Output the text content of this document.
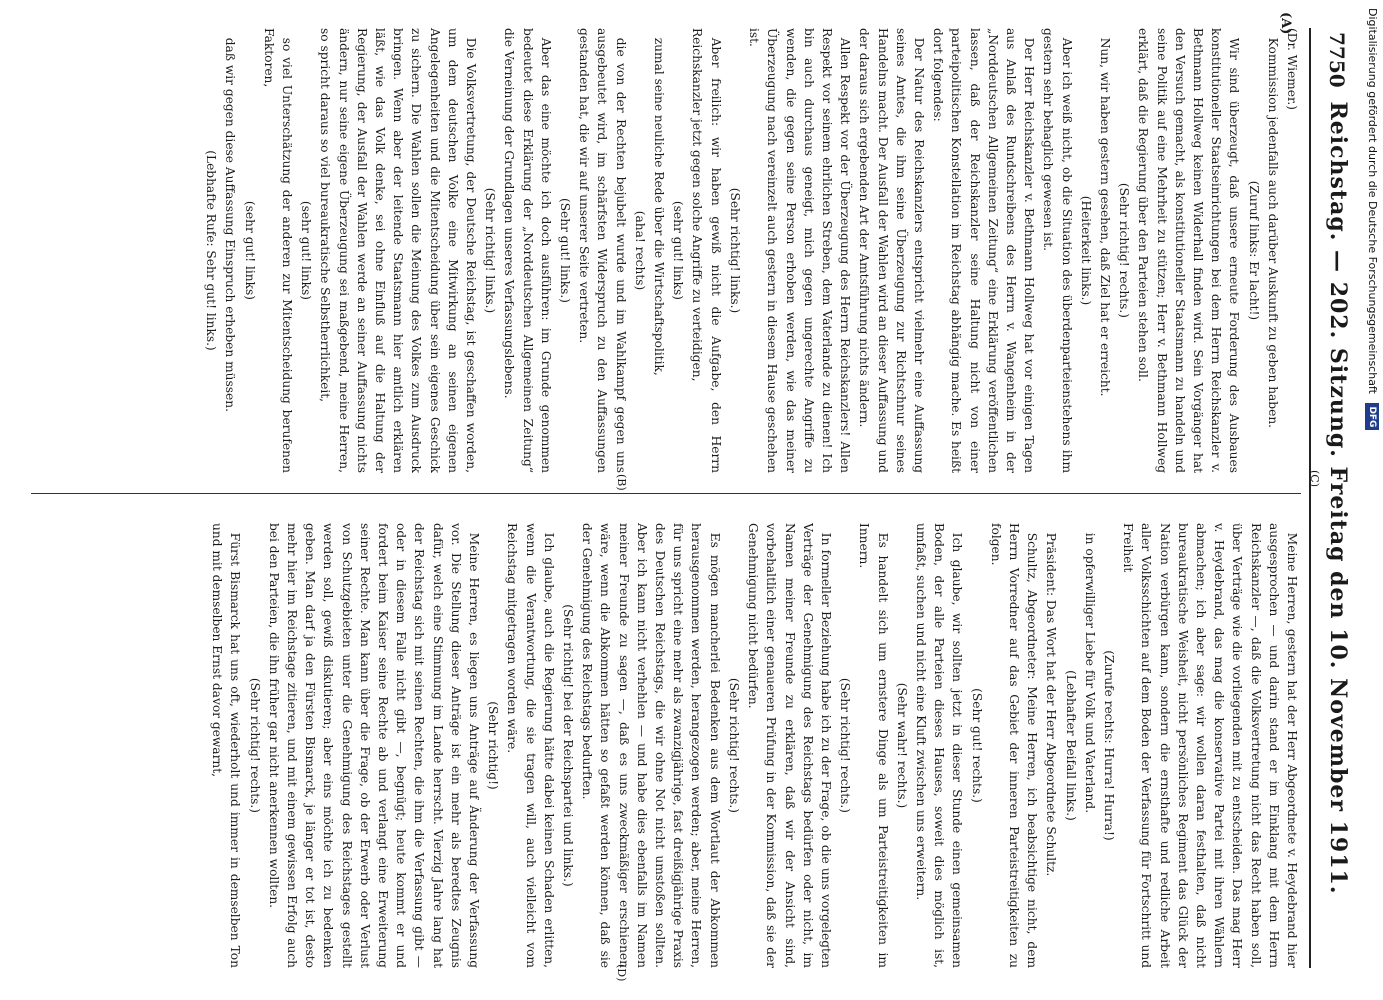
7750
Reichstag. — 202. Sitzung. Freitag den 10. November 1911.
(A)
(B)	(C)
(D)

(Dr. Wiemer.)

Kommission jedenfalls auch darüber Auskunft zu geben haben.

(Zuruf links: Er lacht!)

Wir sind überzeugt, daß unsere erneute Forderung des Ausbaues konstitutioneller Staatseinrichtungen bei dem Herrn Reichskanzler v. Bethmann Hollweg keinen Widerhall finden wird. Sein Vorgänger hat den Versuch gemacht, als konstitutioneller Staatsmann zu handeln und seine Politik auf eine Mehrheit zu stützen; Herr v. Bethmann Hollweg erklärt, daß die Regierung über den Parteien stehen soll.

(Sehr richtig! rechts.)

Nun, wir haben gestern gesehen, daß Ziel hat er erreicht.

(Heiterkeit links.)

Aber ich weiß nicht, ob die Situation des überdenparteienstehens ihm gestern sehr behaglich gewesen ist.

Der Herr Reichskanzler v. Bethmann Hollweg hat vor einigen Tagen aus Anlaß des Rundschreibens des Herrn v. Wangenheim in der „Norddeutschen Allgemeinen Zeitung“ eine Erklärung veröffentlichen lassen, daß der Reichskanzler seine Haltung nicht von einer parteipolitischen Konstellation im Reichstag abhängig mache. Es heißt dort folgendes:

Der Natur des Reichskanzlers entspricht vielmehr eine Auffassung seines Amtes, die ihm seine Überzeugung zur Richtschnur seines Handelns macht. Der Ausfall der Wahlen wird an dieser Auffassung und der daraus sich ergebenden Art der Amtsführung nichts ändern.

Allen Respekt vor der Überzeugung des Herrn Reichskanzlers! Allen Respekt vor seinem ehrlichen Streben, dem Vaterlande zu dienen! Ich bin auch durchaus geneigt, mich gegen ungerechte Angriffe zu wenden, die gegen seine Person erhoben werden, wie das meiner Überzeugung nach vereinzelt auch gestern in diesem Hause geschehen ist.

(Sehr richtig! links.)

Aber freilich: wir haben gewiß nicht die Aufgabe, den Herrn Reichskanzler jetzt gegen solche Angriffe zu verteidigen,

(sehr gut! links)

zumal seine neuliche Rede über die Wirtschaftspolitik,

(aha! rechts)

die von der Rechten bejubelt wurde und im Wahlkampf gegen uns ausgebeutet wird, im schärfsten Widerspruch zu den Auffassungen gestanden hat, die wir auf unserer Seite vertreten.

(Sehr gut! links.)

Aber das eine möchte ich doch ausführen: im Grunde genommen bedeutet diese Erklärung der „Norddeutschen Allgemeinen Zeitung“ die Verneinung der Grundlagen unseres Verfassungslebens.

(Sehr richtig! links.)

Die Volksvertretung, der Deutsche Reichstag, ist geschaffen worden, um dem deutschen Volke eine Mitwirkung an seinen eigenen Angelegenheiten und die Mitentscheidung über sein eigenes Geschick zu sichern. Die Wahlen sollen die Meinung des Volkes zum Ausdruck bringen. Wenn aber der leitende Staatsmann hier amtlich erklären läßt, wie das Volk denke, sei ohne Einfluß auf die Haltung der Regierung, der Ausfall der Wahlen werde an seiner Auffassung nichts ändern, nur seine eigene Überzeugung sei maßgebend, meine Herren, so spricht daraus so viel bureaukratische Selbstherrlichkeit,

(sehr gut! links)

so viel Unterschätzung der anderen zur Mitentscheidung berufenen Faktoren,

(sehr gut! links)

daß wir gegen diese Auffassung Einspruch erheben müssen.

(Lebhafte Rufe: Sehr gut! links.)

Meine Herren, gestern hat der Herr Abgeordnete v. Heydebrand hier ausgesprochen — und darin stand er im Einklang mit dem Herrn Reichskanzler —, daß die Volksvertretung nicht das Recht haben soll, über Verträge wie die vorliegenden mit zu entscheiden. Das mag Herr v. Heydebrand, das mag die konservative Partei mit ihren Wählern abmachen; ich aber sage: wir wollen daran festhalten, daß nicht bureaukratische Weisheit, nicht persönliches Regiment das Glück der Nation verbürgen kann, sondern die ernsthafte und redliche Arbeit aller Volksschichten auf dem Boden der Verfassung für Fortschritt und Freiheit

(Zurufe rechts: Hurra! Hurra!)

in opferwilliger Liebe für Volk und Vaterland.

(Lebhafter Beifall links.)

Präsident: Das Wort hat der Herr Abgeordnete Schultz.

Schultz, Abgeordneter: Meine Herren, ich beabsichtige nicht, dem Herrn Vorredner auf das Gebiet der inneren Parteistreitigkeiten zu folgen.

(Sehr gut! rechts.)

Ich glaube, wir sollten jetzt in dieser Stunde einen gemeinsamen Boden, der alle Parteien dieses Hauses, soweit dies möglich ist, umfaßt, suchen und nicht eine Kluft zwischen uns erweitern.

(Sehr wahr! rechts.)

Es handelt sich um ernstere Dinge als um Parteistreitigkeiten im Innern.

(Sehr richtig! rechts.)

In formeller Beziehung habe ich zu der Frage, ob die uns vorgelegten Verträge der Genehmigung des Reichstags bedürfen oder nicht, im Namen meiner Freunde zu erklären, daß wir der Ansicht sind, vorbehaltlich einer genaueren Prüfung in der Kommission, daß sie der Genehmigung nicht bedürfen.

(Sehr richtig! rechts.)

Es mögen mancherlei Bedenken aus dem Wortlaut der Abkommen herausgenommen werden, herangezogen werden; aber, meine Herren, für uns spricht eine mehr als zwanzigjährige, fast dreißigjährige Praxis des Deutschen Reichstags, die wir ohne Not nicht umstoßen sollten. Aber ich kann nicht verhehlen — und habe dies ebenfalls im Namen meiner Freunde zu sagen —, daß es uns zweckmäßiger erschienen wäre, wenn die Abkommen hätten so gefaßt werden können, daß sie der Genehmigung des Reichstags bedurften.

(Sehr richtig! bei der Reichspartei und links.)

Ich glaube, auch die Regierung hätte dabei keinen Schaden erlitten, wenn die Verantwortung, die sie tragen will, auch vielleicht vom Reichstag mitgetragen worden wäre.

(Sehr richtig!)

Meine Herren, es liegen uns Anträge auf Änderung der Verfassung vor. Die Stellung dieser Anträge ist ein mehr als beredtes Zeugnis dafür, welch eine Stimmung im Lande herrscht. Vierzig Jahre lang hat der Reichstag sich mit seinen Rechten, die ihm die Verfassung gibt — oder in diesem Falle nicht gibt —, begnügt; heute kommt er und fordert beim Kaiser seine Rechte ab und verlangt eine Erweiterung seiner Rechte. Man kann über die Frage, ob der Erwerb oder Verlust von Schutzgebieten unter die Genehmigung des Reichstages gestellt werden soll, gewiß diskutieren; aber eins möchte ich zu bedenken geben. Man darf ja den Fürsten Bismarck, je länger er tot ist, desto mehr hier im Reichstage zitieren, und mit einem gewissen Erfolg auch bei den Parteien, die ihn früher gar nicht anerkennen wollten.

(Sehr richtig! rechts.)

Fürst Bismarck hat uns oft, wiederholt und immer in demselben Ton und mit demselben Ernst davor gewarnt,

Digitalisierung gefördert durch die Deutsche Forschungsgemeinschaft DFG
